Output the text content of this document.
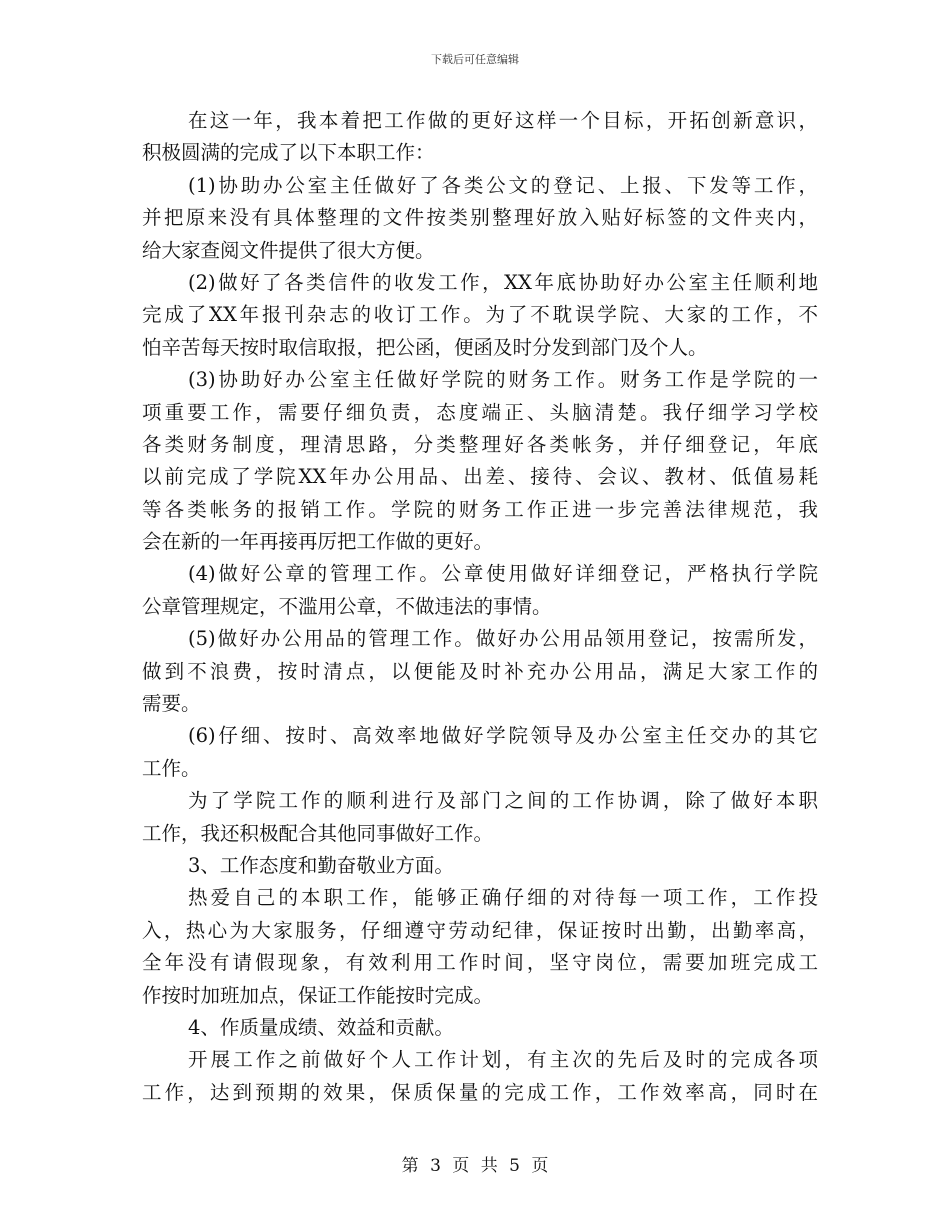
下载后可任意编辑
在这一年，我本着把工作做的更好这样一个目标，开拓创新意识，
积极圆满的完成了以下本职工作：
(1)协助办公室主任做好了各类公文的登记、上报、下发等工作，
并把原来没有具体整理的文件按类别整理好放入贴好标签的文件夹内，
给大家查阅文件提供了很大方便。
(2)做好了各类信件的收发工作，XX年底协助好办公室主任顺利地
完成了XX年报刊杂志的收订工作。为了不耽误学院、大家的工作，不
怕辛苦每天按时取信取报，把公函，便函及时分发到部门及个人。
(3)协助好办公室主任做好学院的财务工作。财务工作是学院的一
项重要工作，需要仔细负责，态度端正、头脑清楚。我仔细学习学校
各类财务制度，理清思路，分类整理好各类帐务，并仔细登记，年底
以前完成了学院XX年办公用品、出差、接待、会议、教材、低值易耗
等各类帐务的报销工作。学院的财务工作正进一步完善法律规范，我
会在新的一年再接再厉把工作做的更好。
(4)做好公章的管理工作。公章使用做好详细登记，严格执行学院
公章管理规定，不滥用公章，不做违法的事情。
(5)做好办公用品的管理工作。做好办公用品领用登记，按需所发，
做到不浪费，按时清点，以便能及时补充办公用品，满足大家工作的
需要。
(6)仔细、按时、高效率地做好学院领导及办公室主任交办的其它
工作。
为了学院工作的顺利进行及部门之间的工作协调，除了做好本职
工作，我还积极配合其他同事做好工作。
3、工作态度和勤奋敬业方面。
热爱自己的本职工作，能够正确仔细的对待每一项工作，工作投
入，热心为大家服务，仔细遵守劳动纪律，保证按时出勤，出勤率高，
全年没有请假现象，有效利用工作时间，坚守岗位，需要加班完成工
作按时加班加点，保证工作能按时完成。
4、作质量成绩、效益和贡献。
开展工作之前做好个人工作计划，有主次的先后及时的完成各项
工作，达到预期的效果，保质保量的完成工作，工作效率高，同时在
第 3 页 共 5 页
